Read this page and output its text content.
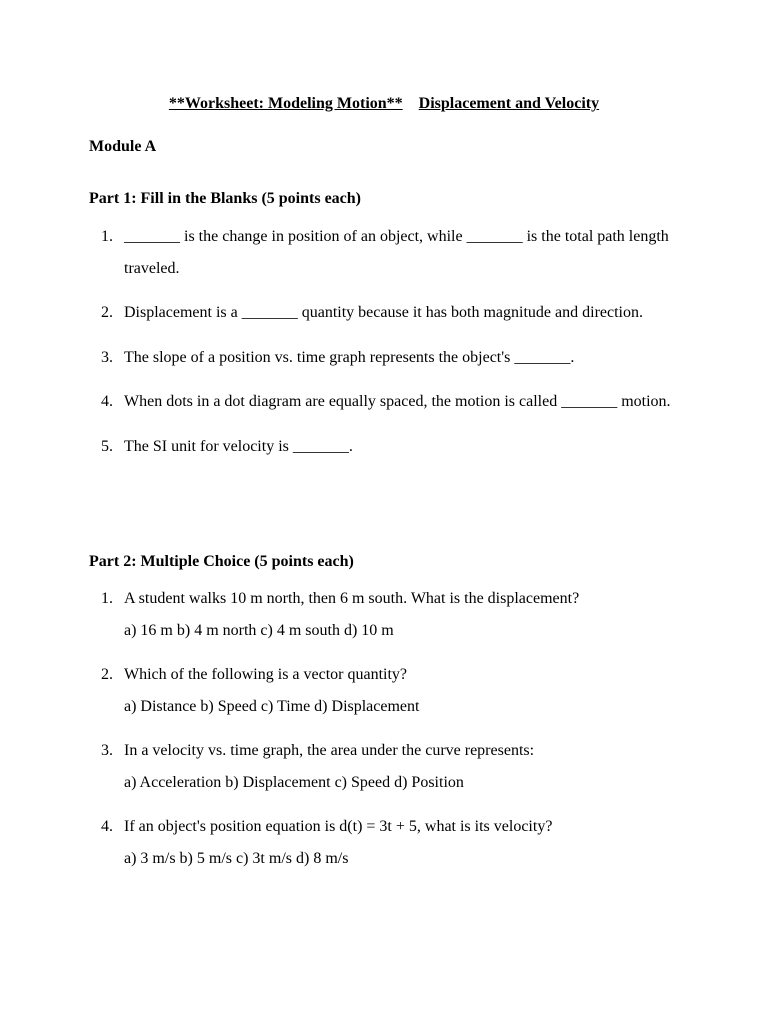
**Worksheet: Modeling Motion** Displacement and Velocity
Module A
Part 1: Fill in the Blanks (5 points each)
1. _______ is the change in position of an object, while _______ is the total path length traveled.
2. Displacement is a _______ quantity because it has both magnitude and direction.
3. The slope of a position vs. time graph represents the object's _______.
4. When dots in a dot diagram are equally spaced, the motion is called _______ motion.
5. The SI unit for velocity is _______.
Part 2: Multiple Choice (5 points each)
1. A student walks 10 m north, then 6 m south. What is the displacement?
a) 16 m b) 4 m north c) 4 m south d) 10 m
2. Which of the following is a vector quantity?
a) Distance b) Speed c) Time d) Displacement
3. In a velocity vs. time graph, the area under the curve represents:
a) Acceleration b) Displacement c) Speed d) Position
4. If an object's position equation is d(t) = 3t + 5, what is its velocity?
a) 3 m/s b) 5 m/s c) 3t m/s d) 8 m/s
